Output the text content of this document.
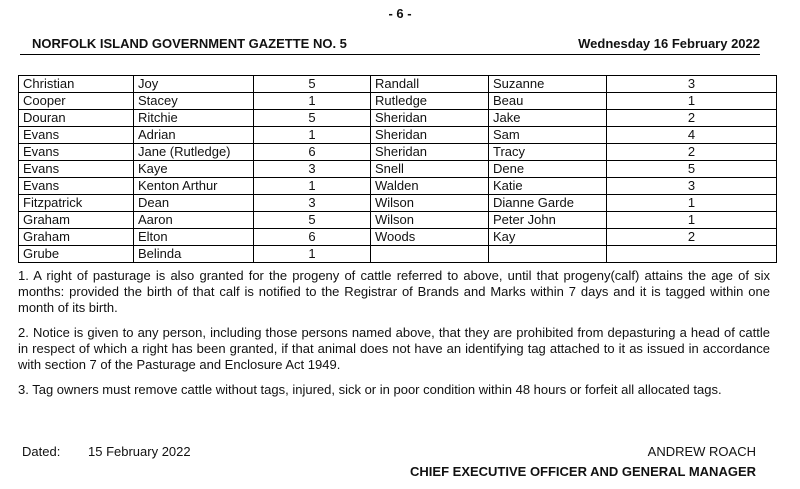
- 6 -
NORFOLK ISLAND GOVERNMENT GAZETTE NO. 5	Wednesday 16 February 2022
Christian	Joy	5	Randall	Suzanne	3
Cooper	Stacey	1	Rutledge	Beau	1
Douran	Ritchie	5	Sheridan	Jake	2
Evans	Adrian	1	Sheridan	Sam	4
Evans	Jane (Rutledge)	6	Sheridan	Tracy	2
Evans	Kaye	3	Snell	Dene	5
Evans	Kenton Arthur	1	Walden	Katie	3
Fitzpatrick	Dean	3	Wilson	Dianne Garde	1
Graham	Aaron	5	Wilson	Peter John	1
Graham	Elton	6	Woods	Kay	2
Grube	Belinda	1			

1. A right of pasturage is also granted for the progeny of cattle referred to above, until that progeny(calf) attains the age of six months: provided the birth of that calf is notified to the Registrar of Brands and Marks within 7 days and it is tagged within one month of its birth.

2. Notice is given to any person, including those persons named above, that they are prohibited from depasturing a head of cattle in respect of which a right has been granted, if that animal does not have an identifying tag attached to it as issued in accordance with section 7 of the Pasturage and Enclosure Act 1949.

3. Tag owners must remove cattle without tags, injured, sick or in poor condition within 48 hours or forfeit all allocated tags.

Dated: 15 February 2022	ANDREW ROACH
CHIEF EXECUTIVE OFFICER AND GENERAL MANAGER
